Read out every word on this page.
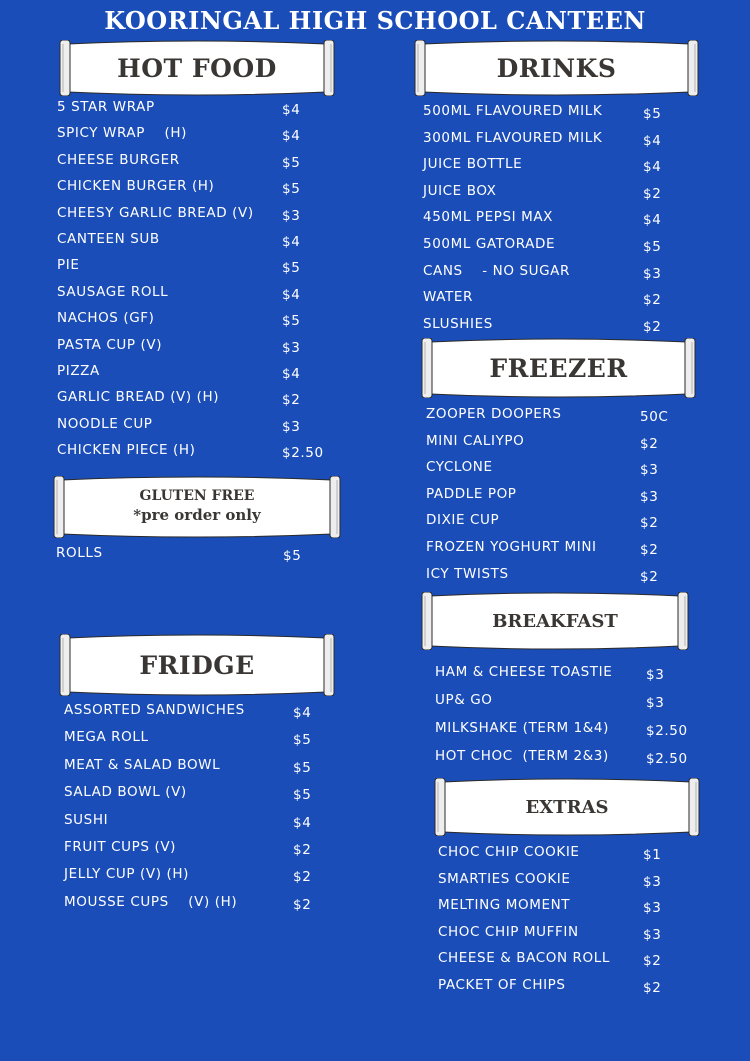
KOORINGAL HIGH SCHOOL CANTEEN
HOT FOOD
5 STAR WRAP	$4
SPICY WRAP    (H)	$4
CHEESE BURGER	$5
CHICKEN BURGER (H)	$5
CHEESY GARLIC BREAD (V) $3
CANTEEN SUB	$4
PIE	$5
SAUSAGE ROLL	$4
NACHOS (GF)	$5
PASTA CUP (V)	$3
PIZZA	$4
GARLIC BREAD (V) (H)	$2
NOODLE CUP	$3
CHICKEN PIECE (H)	$2.50
GLUTEN FREE
*pre order only
ROLLS	$5
FRIDGE
ASSORTED SANDWICHES	$4
MEGA ROLL	$5
MEAT & SALAD BOWL	$5
SALAD BOWL (V)	$5
SUSHI	$4
FRUIT CUPS (V)	$2
JELLY CUP (V) (H)	$2
MOUSSE CUPS    (V) (H)	$2
DRINKS
500ML FLAVOURED MILK	$5
300ML FLAVOURED MILK	$4
JUICE BOTTLE	$4
JUICE BOX	$2
450ML PEPSI MAX	$4
500ML GATORADE	$5
CANS    - NO SUGAR	$3
WATER	$2
SLUSHIES	$2
FREEZER
ZOOPER DOOPERS	50C
MINI CALIYPO	$2
CYCLONE	$3
PADDLE POP	$3
DIXIE CUP	$2
FROZEN YOGHURT MINI	$2
ICY TWISTS	$2
BREAKFAST
HAM & CHEESE TOASTIE $3
UP& GO	$3
MILKSHAKE (TERM 1&4)	$2.50
HOT CHOC  (TERM 2&3)	$2.50
EXTRAS
CHOC CHIP COOKIE	$1
SMARTIES COOKIE	$3
MELTING MOMENT	$3
CHOC CHIP MUFFIN	$3
CHEESE & BACON ROLL $2
PACKET OF CHIPS	$2
